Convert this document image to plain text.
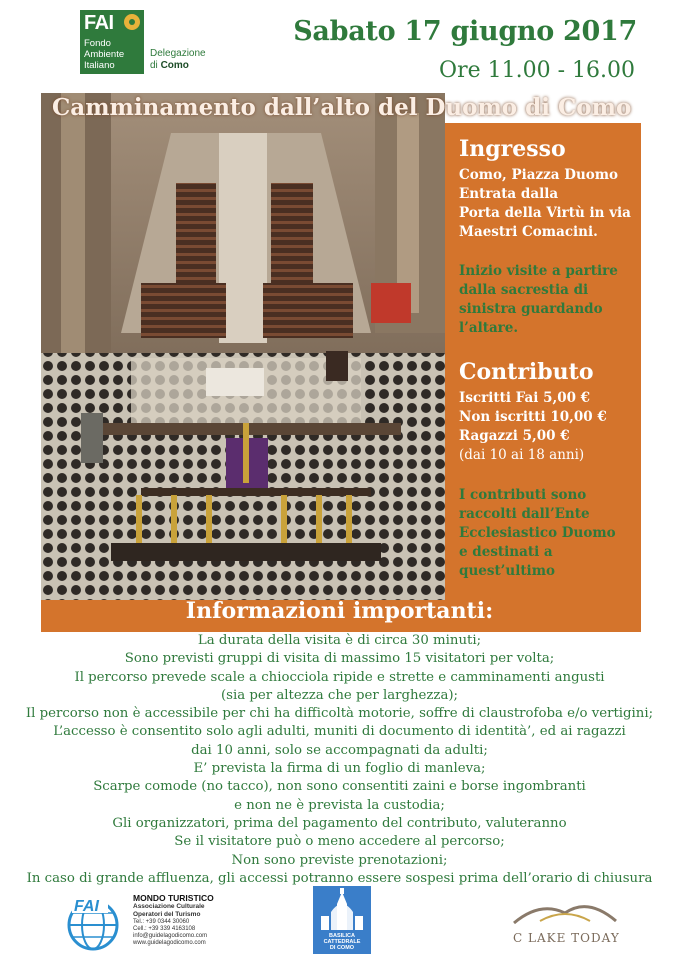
FAI
Fondo
Ambiente
Italiano
Delegazione
di Como
Sabato 17 giugno 2017
Ore 11.00 - 16.00
Camminamento dall’alto del Duomo di Como
Ingresso
Como, Piazza Duomo
Entrata dalla
Porta della Virtù in via
Maestri Comacini.
Inizio visite a partire
dalla sacrestia di
sinistra guardando
l’altare.
Contributo
Iscritti Fai 5,00 €
Non iscritti 10,00 €
Ragazzi 5,00 €
(dai 10 ai 18 anni)
I contributi sono
raccolti dall’Ente
Ecclesiastico Duomo
e destinati a
quest’ultimo
Informazioni importanti:
La durata della visita è di circa 30 minuti;
Sono previsti gruppi di visita di massimo 15 visitatori per volta;
Il percorso prevede scale a chiocciola ripide e strette e camminamenti angusti
(sia per altezza che per larghezza);
Il percorso non è accessibile per chi ha difficoltà motorie, soffre di claustrofoba e/o vertigini;
L’accesso è consentito solo agli adulti, muniti di documento di identità’, ed ai ragazzi
dai 10 anni, solo se accompagnati da adulti;
E’ prevista la firma di un foglio di manleva;
Scarpe comode (no tacco), non sono consentiti zaini e borse ingombranti
e non ne è prevista la custodia;
Gli organizzatori, prima del pagamento del contributo, valuteranno
Se il visitatore può o meno accedere al percorso;
Non sono previste prenotazioni;
In caso di grande affluenza, gli accessi potranno essere sospesi prima dell’orario di chiusura
FAI	MONDO TURISTICO
Associazione Culturale
Operatori del Turismo
Tel.: +39 0344 30060
Cell.: +39 339 4163108
info@guidelagodicomo.com
www.guidelagodicomo.com
BASILICA CATTEDRALE
DI COMO
C LAKE TODAY
